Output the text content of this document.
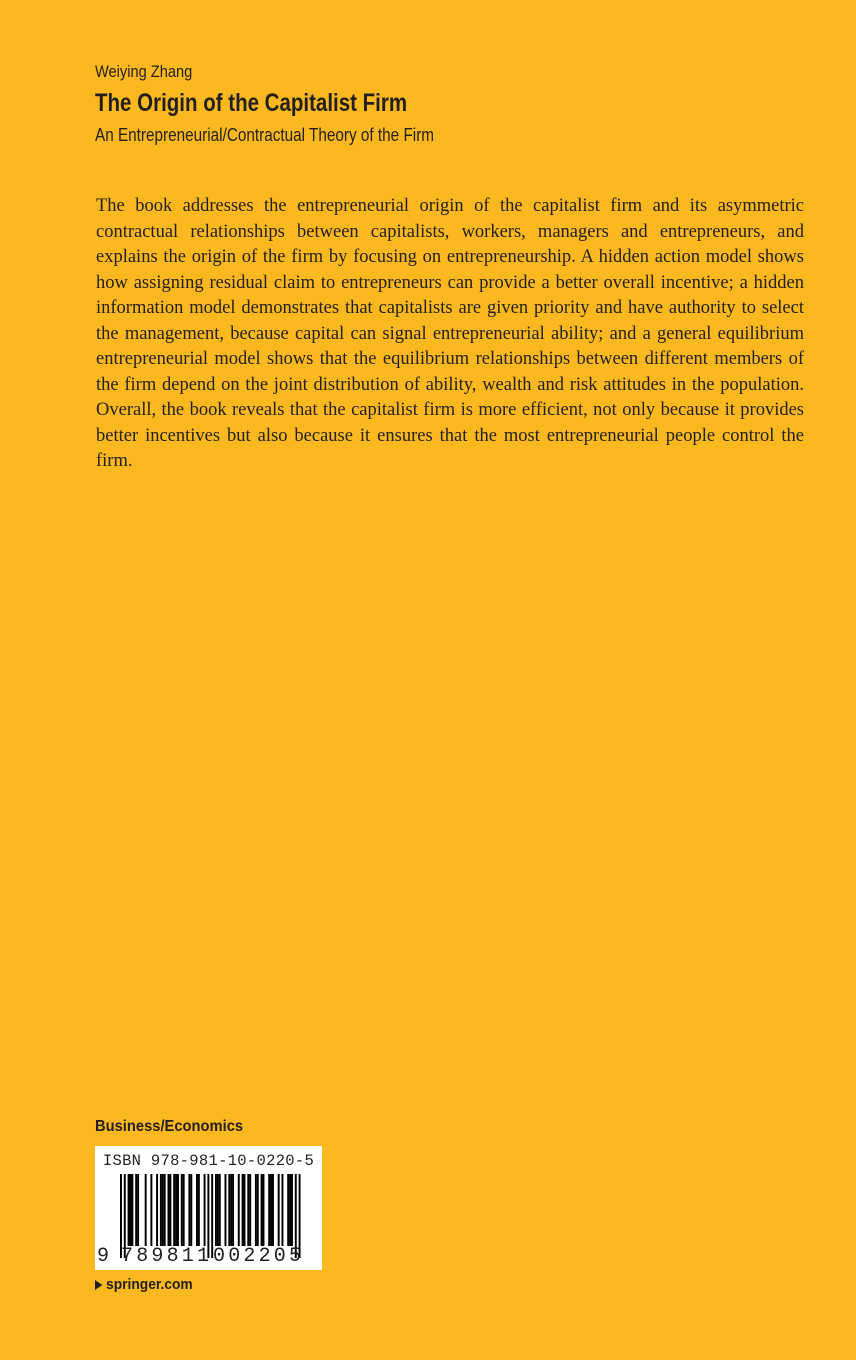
Weiying Zhang
The Origin of the Capitalist Firm
An Entrepreneurial/Contractual Theory of the Firm

The book addresses the entrepreneurial origin of the capitalist firm and its asymmetric contractual relationships between capitalists, workers, managers and entrepreneurs, and explains the origin of the firm by focusing on entrepreneurship. A hidden action model shows how assigning residual claim to entrepreneurs can provide a better overall incentive; a hidden information model demonstrates that capitalists are given priority and have authority to select the management, because capital can signal entrepreneurial ability; and a general equilibrium entrepreneurial model shows that the equilibrium relationships between different members of the firm depend on the joint distribution of ability, wealth and risk attitudes in the population. Overall, the book reveals that the capitalist firm is more efficient, not only because it provides better incentives but also because it ensures that the most entrepreneurial people control the firm.

Business/Economics
ISBN 978-981-10-0220-5
9 789811 002205
springer.com
